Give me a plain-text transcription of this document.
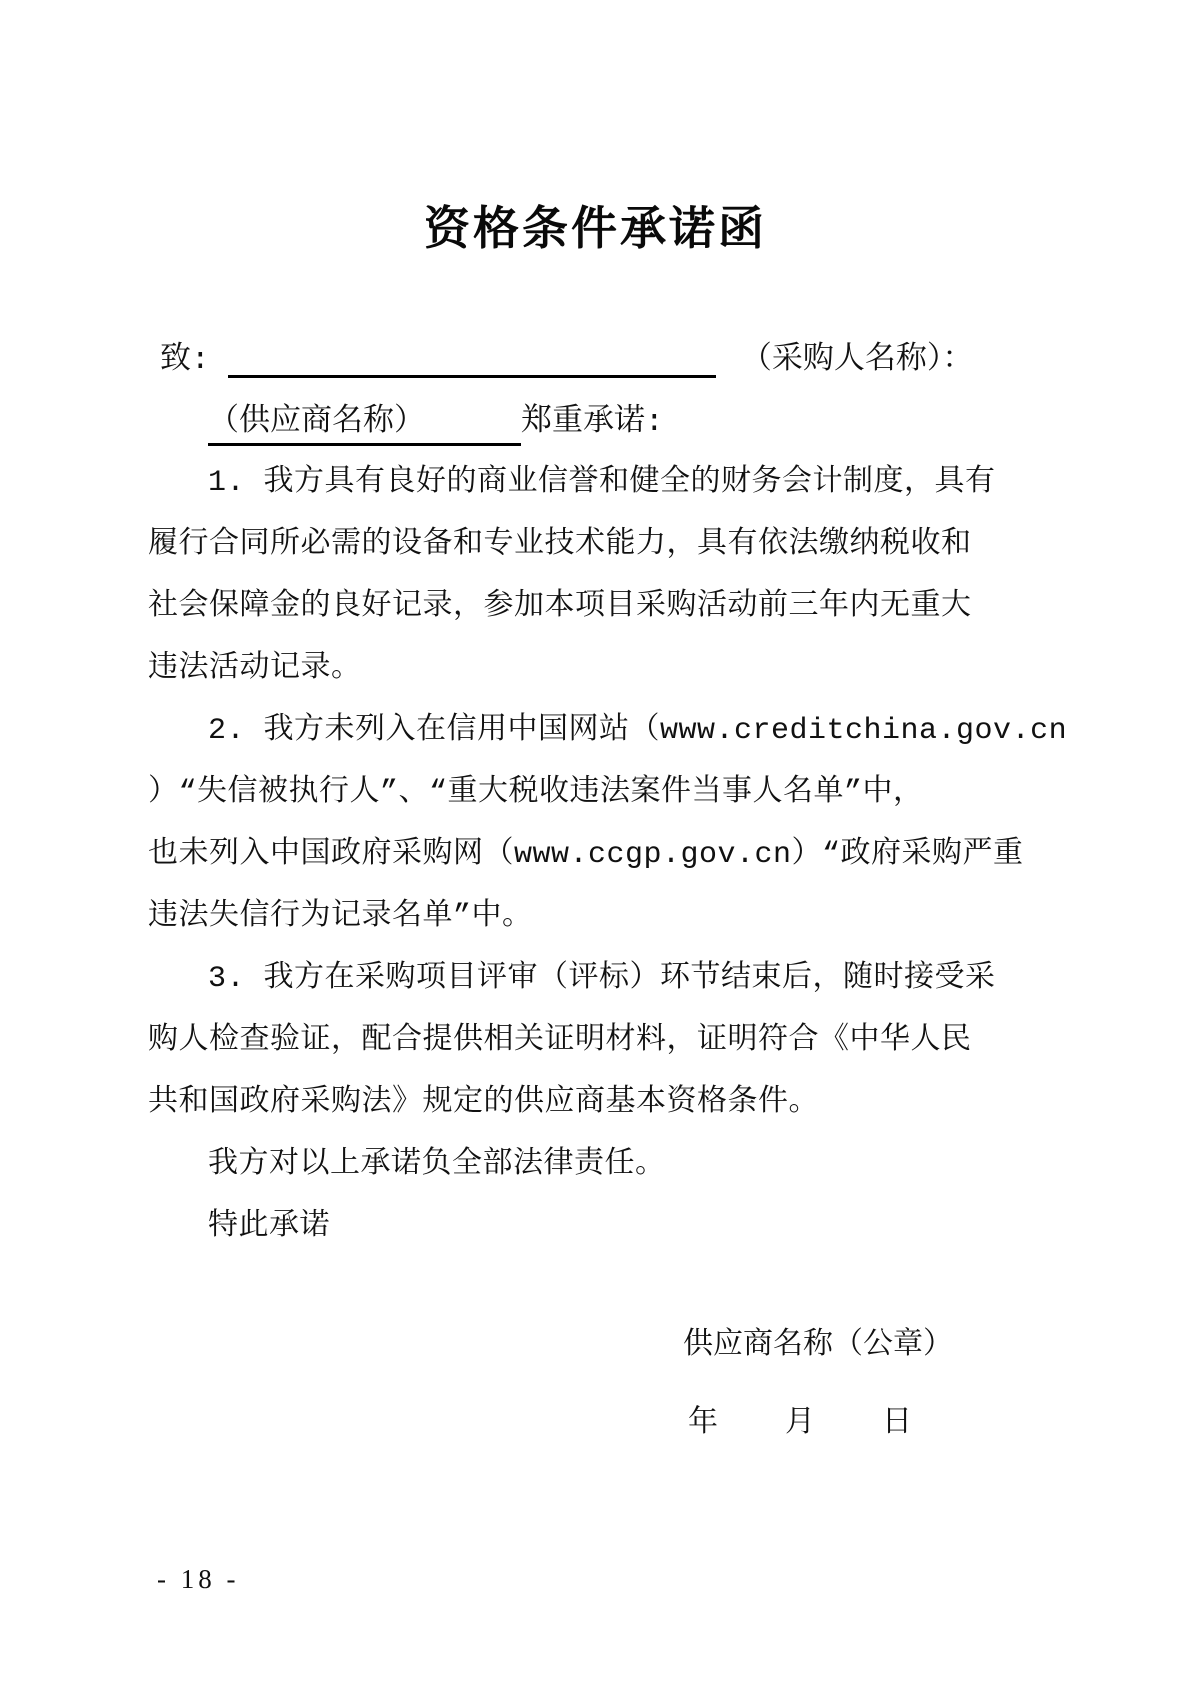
资格条件承诺函
致:	（采购人名称）：
（供应商名称）	郑重承诺:
1. 我方具有良好的商业信誉和健全的财务会计制度，具有
履行合同所必需的设备和专业技术能力，具有依法缴纳税收和
社会保障金的良好记录，参加本项目采购活动前三年内无重大
违法活动记录。
2. 我方未列入在信用中国网站（www.creditchina.gov.cn
）“失信被执行人”、“重大税收违法案件当事人名单”中，
也未列入中国政府采购网（www.ccgp.gov.cn）“政府采购严重
违法失信行为记录名单”中。
3. 我方在采购项目评审（评标）环节结束后，随时接受采
购人检查验证，配合提供相关证明材料，证明符合《中华人民
共和国政府采购法》规定的供应商基本资格条件。
我方对以上承诺负全部法律责任。
特此承诺
供应商名称（公章）
年 月 日
- 18 -
